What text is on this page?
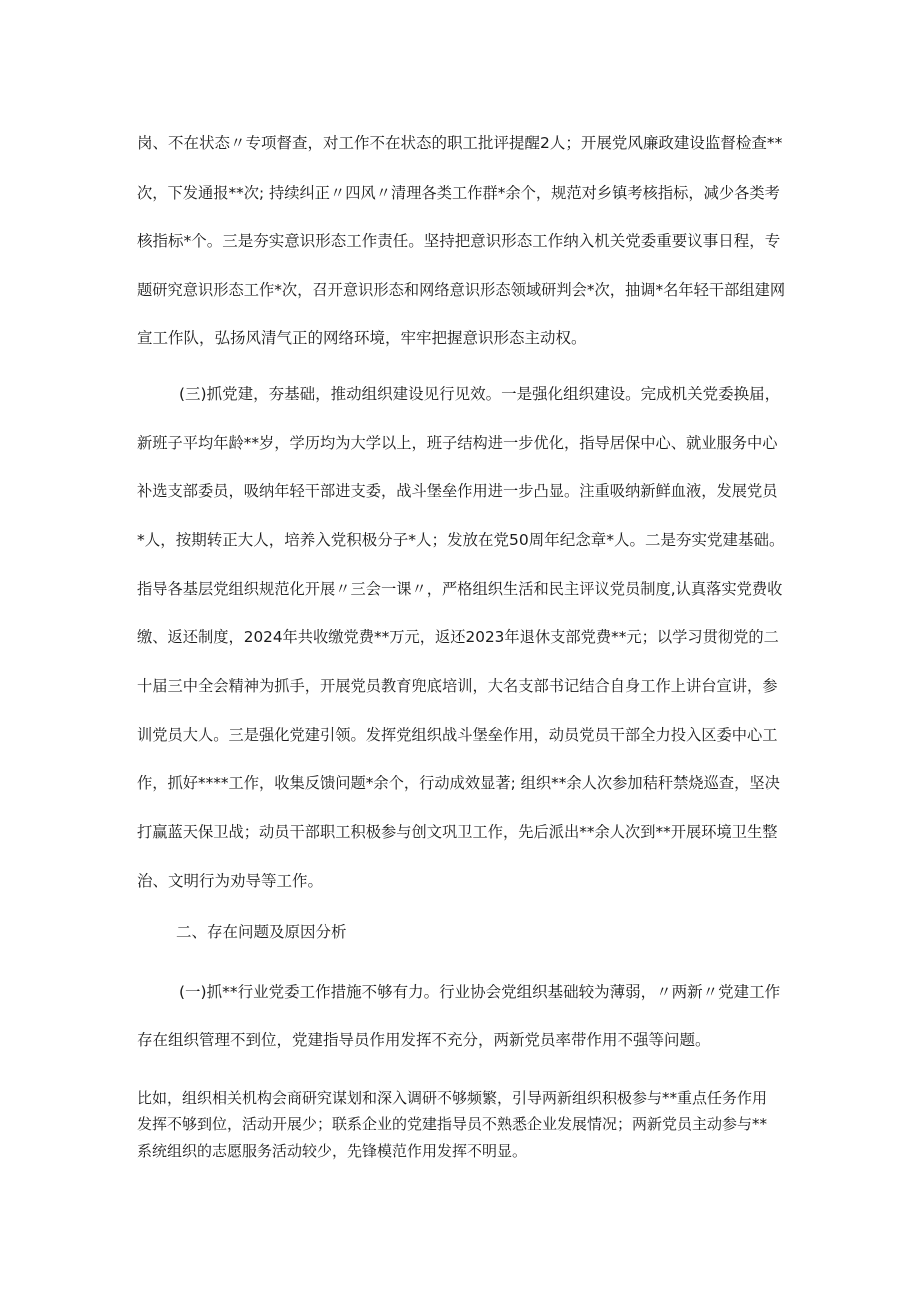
岗、不在状态〃专项督查，对工作不在状态的职工批评提醒2人；开展党风廉政建设监督检查**

次，下发通报**次; 持续纠正〃四风〃清理各类工作群*余个，规范对乡镇考核指标，减少各类考

核指标*个。三是夯实意识形态工作责任。坚持把意识形态工作纳入机关党委重要议事日程，专

题研究意识形态工作*次，召开意识形态和网络意识形态领域研判会*次，抽调*名年轻干部组建网

宣工作队，弘扬风清气正的网络环境，牢牢把握意识形态主动权。

(三)抓党建，夯基础，推动组织建设见行见效。一是强化组织建设。完成机关党委换届，

新班子平均年龄**岁，学历均为大学以上，班子结构进一步优化，指导居保中心、就业服务中心

补选支部委员，吸纳年轻干部进支委，战斗堡垒作用进一步凸显。注重吸纳新鲜血液，发展党员

*人，按期转正大人，培养入党积极分子*人；发放在党50周年纪念章*人。二是夯实党建基础。

指导各基层党组织规范化开展〃三会一课〃，严格组织生活和民主评议党员制度,认真落实党费收

缴、返还制度，2024年共收缴党费**万元，返还2023年退休支部党费**元；以学习贯彻党的二

十届三中全会精神为抓手，开展党员教育兜底培训，大名支部书记结合自身工作上讲台宣讲，参

训党员大人。三是强化党建引领。发挥党组织战斗堡垒作用，动员党员干部全力投入区委中心工

作，抓好****工作，收集反馈问题*余个，行动成效显著; 组织**余人次参加秸秆禁烧巡查，坚决

打赢蓝天保卫战；动员干部职工积极参与创文巩卫工作，先后派出**余人次到**开展环境卫生整

治、文明行为劝导等工作。

二、存在问题及原因分析

(一)抓**行业党委工作措施不够有力。行业协会党组织基础较为薄弱，〃两新〃党建工作

存在组织管理不到位，党建指导员作用发挥不充分，两新党员率带作用不强等问题。

比如，组织相关机构会商研究谋划和深入调研不够频繁，引导两新组织积极参与**重点任务作用

发挥不够到位，活动开展少；联系企业的党建指导员不熟悉企业发展情况；两新党员主动参与**

系统组织的志愿服务活动较少，先锋模范作用发挥不明显。
